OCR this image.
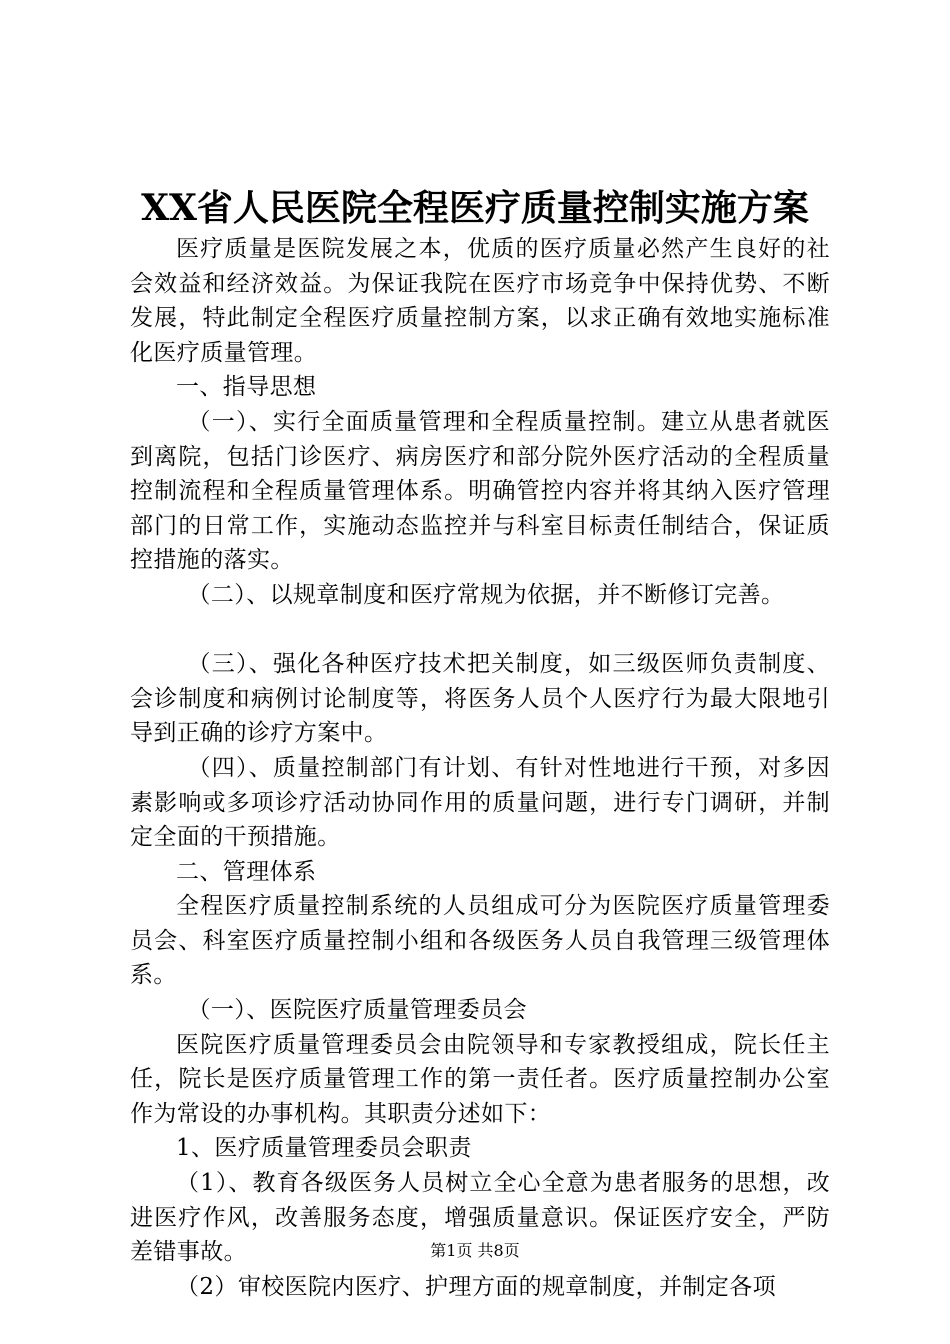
XX省人民医院全程医疗质量控制实施方案

医疗质量是医院发展之本，优质的医疗质量必然产生良好的社会效益和经济效益。为保证我院在医疗市场竞争中保持优势、不断发展，特此制定全程医疗质量控制方案，以求正确有效地实施标准化医疗质量管理。

一、指导思想

（一）、实行全面质量管理和全程质量控制。建立从患者就医到离院，包括门诊医疗、病房医疗和部分院外医疗活动的全程质量控制流程和全程质量管理体系。明确管控内容并将其纳入医疗管理部门的日常工作，实施动态监控并与科室目标责任制结合，保证质控措施的落实。

（二）、以规章制度和医疗常规为依据，并不断修订完善。

（三）、强化各种医疗技术把关制度，如三级医师负责制度、会诊制度和病例讨论制度等，将医务人员个人医疗行为最大限地引导到正确的诊疗方案中。

（四）、质量控制部门有计划、有针对性地进行干预，对多因素影响或多项诊疗活动协同作用的质量问题，进行专门调研，并制定全面的干预措施。

二、管理体系

全程医疗质量控制系统的人员组成可分为医院医疗质量管理委员会、科室医疗质量控制小组和各级医务人员自我管理三级管理体系。

（一）、医院医疗质量管理委员会

医院医疗质量管理委员会由院领导和专家教授组成，院长任主任，院长是医疗质量管理工作的第一责任者。医疗质量控制办公室作为常设的办事机构。其职责分述如下：

1、医疗质量管理委员会职责

（1）、教育各级医务人员树立全心全意为患者服务的思想，改进医疗作风，改善服务态度，增强质量意识。保证医疗安全，严防差错事故。

（2）审校医院内医疗、护理方面的规章制度，并制定各项

第1页 共8页
